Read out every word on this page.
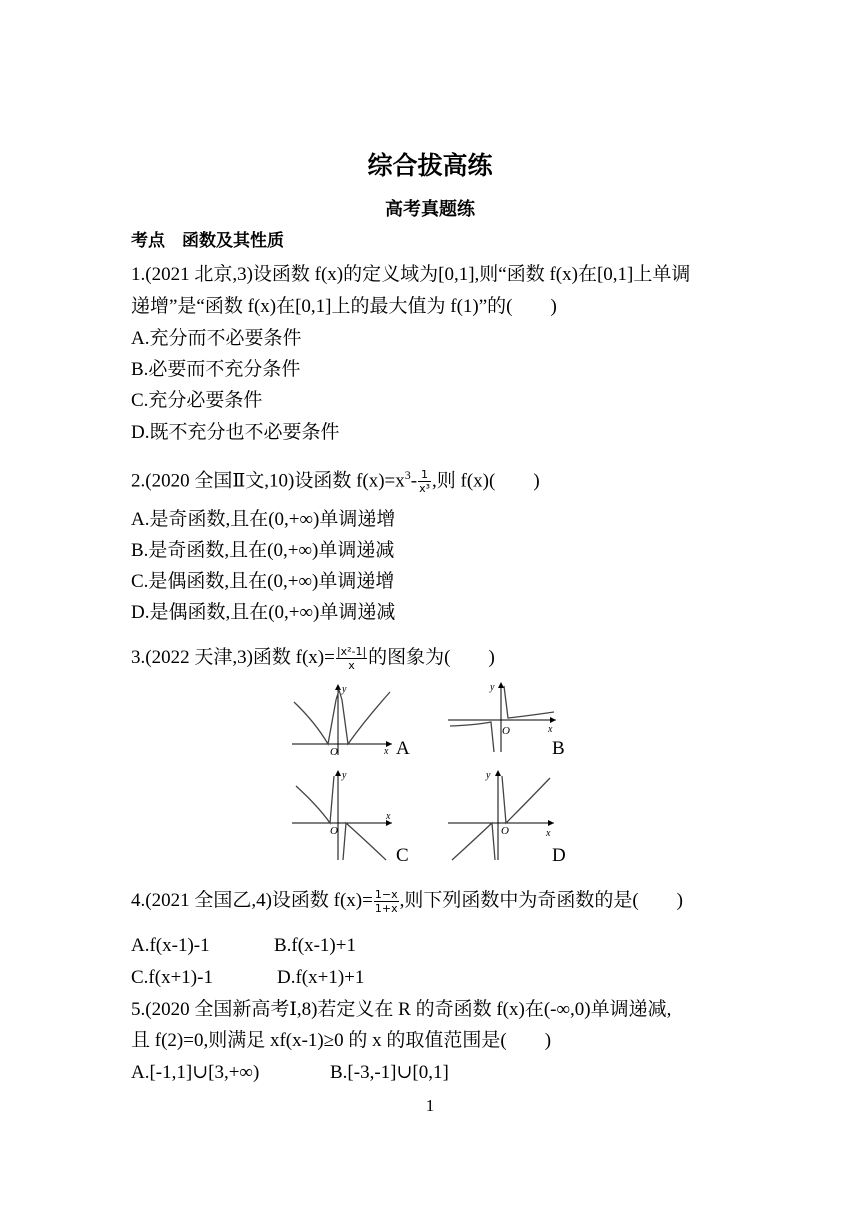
综合拔高练
高考真题练
考点　函数及其性质
1.(2021 北京,3)设函数 f(x)的定义域为[0,1],则“函数 f(x)在[0,1]上单调
递增”是“函数 f(x)在[0,1]上的最大值为 f(1)”的(　　)
A.充分而不必要条件
B.必要而不充分条件
C.充分必要条件
D.既不充分也不必要条件
2.(2020 全国Ⅱ文,10)设函数 $f(x)=x^3- \frac{1}{\text{x³}}$ ,则 f(x)(　　)
A.是奇函数,且在(0,+∞)单调递增
B.是奇函数,且在(0,+∞)单调递减
C.是偶函数,且在(0,+∞)单调递增
D.是偶函数,且在(0,+∞)单调递减
3.(2022 天津,3)函数 $f(x)= \frac{\text{|x²-1|}}{x}$ 的图象为(　　)
y
x
O	A
y
x
O
B
y
x
O
C
y
x
O
D
4.(2021 全国乙,4)设函数 $f(x)= \frac{1-x}{1+x}$ ,则下列函数中为奇函数的是(　　)
A.f(x-1)-1	B.f(x-1)+1
C.f(x+1)-1	D.f(x+1)+1
5.(2020 全国新高考Ⅰ,8)若定义在 R 的奇函数 f(x)在(-∞,0)单调递减,
且 f(2)=0,则满足 xf(x-1)≥0 的 x 的取值范围是(　　)
A.[-1,1]∪[3,+∞)	B.[-3,-1]∪[0,1]
1
